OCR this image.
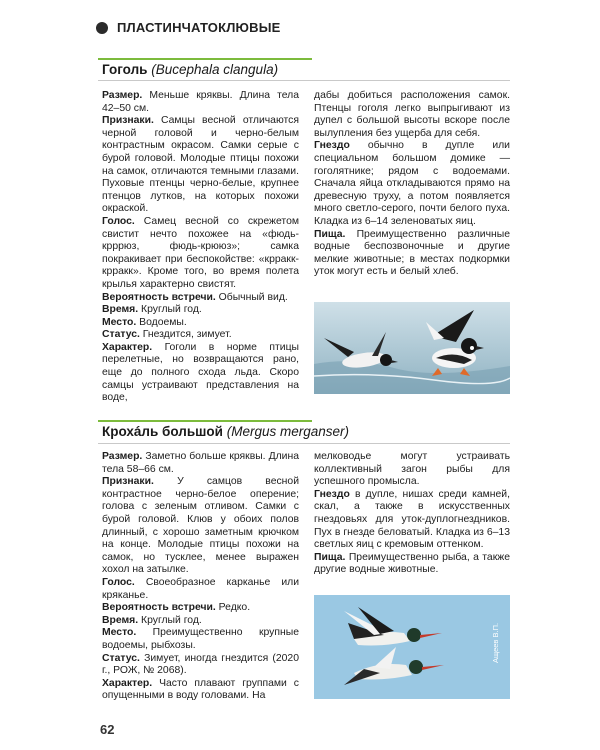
ПЛАСТИНЧАТОКЛЮВЫЕ
Гоголь (Bucephala clangula)

Размер. Меньше кряквы. Длина тела 42–50 см.

Признаки. Самцы весной отличаются черной головой и черно-белым контрастным окрасом. Самки серые с бурой головой. Молодые птицы похожи на самок, отличаются темными глазами. Пуховые птенцы черно-белые, крупнее птенцов лутков, на которых похожи окраской.

Голос. Самец весной со скрежетом свистит нечто похожее на «фюдь-крррюз, фюдь-крююз»; самка покракивает при беспокойстве: «крракк-крракк». Кроме того, во время полета крылья характерно свистят.

Вероятность встречи. Обычный вид.

Время. Круглый год.

Место. Водоемы.

Статус. Гнездится, зимует.

Характер. Гоголи в норме птицы перелетные, но возвращаются рано, еще до полного схода льда. Скоро самцы устраивают представления на воде,

дабы добиться расположения самок. Птенцы гоголя легко выпрыгивают из дупел с большой высоты вскоре после вылупления без ущерба для себя.

Гнездо обычно в дупле или специальном большом домике — гоголятнике; рядом с водоемами. Сначала яйца откладываются прямо на древесную труху, а потом появляется много светло-серого, почти белого пуха. Кладка из 6–14 зеленоватых яиц.

Пища. Преимущественно различные водные беспозвоночные и другие мелкие животные; в местах подкормки уток могут есть и белый хлеб.

Крохáль большой (Mergus merganser)

Размер. Заметно больше кряквы. Длина тела 58–66 см.

Признаки. У самцов весной контрастное черно-белое оперение; голова с зеленым отливом. Самки с бурой головой. Клюв у обоих полов длинный, с хорошо заметным крючком на конце. Молодые птицы похожи на самок, но тусклее, менее выражен хохол на затылке.

Голос. Своеобразное карканье или кряканье.

Вероятность встречи. Редко.

Время. Круглый год.

Место. Преимущественно крупные водоемы, рыбхозы.

Статус. Зимует, иногда гнездится (2020 г., РОЖ, № 2068).

Характер. Часто плавают группами с опущенными в воду головами. На

мелководье могут устраивать коллективный загон рыбы для успешного промысла.

Гнездо в дупле, нишах среди камней, скал, а также в искусственных гнездовьях для уток-дуплогнездников. Пух в гнезде беловатый. Кладка из 6–13 светлых яиц с кремовым оттенком.

Пища. Преимущественно рыба, а также другие водные животные.

Ащеев В.П.
62
